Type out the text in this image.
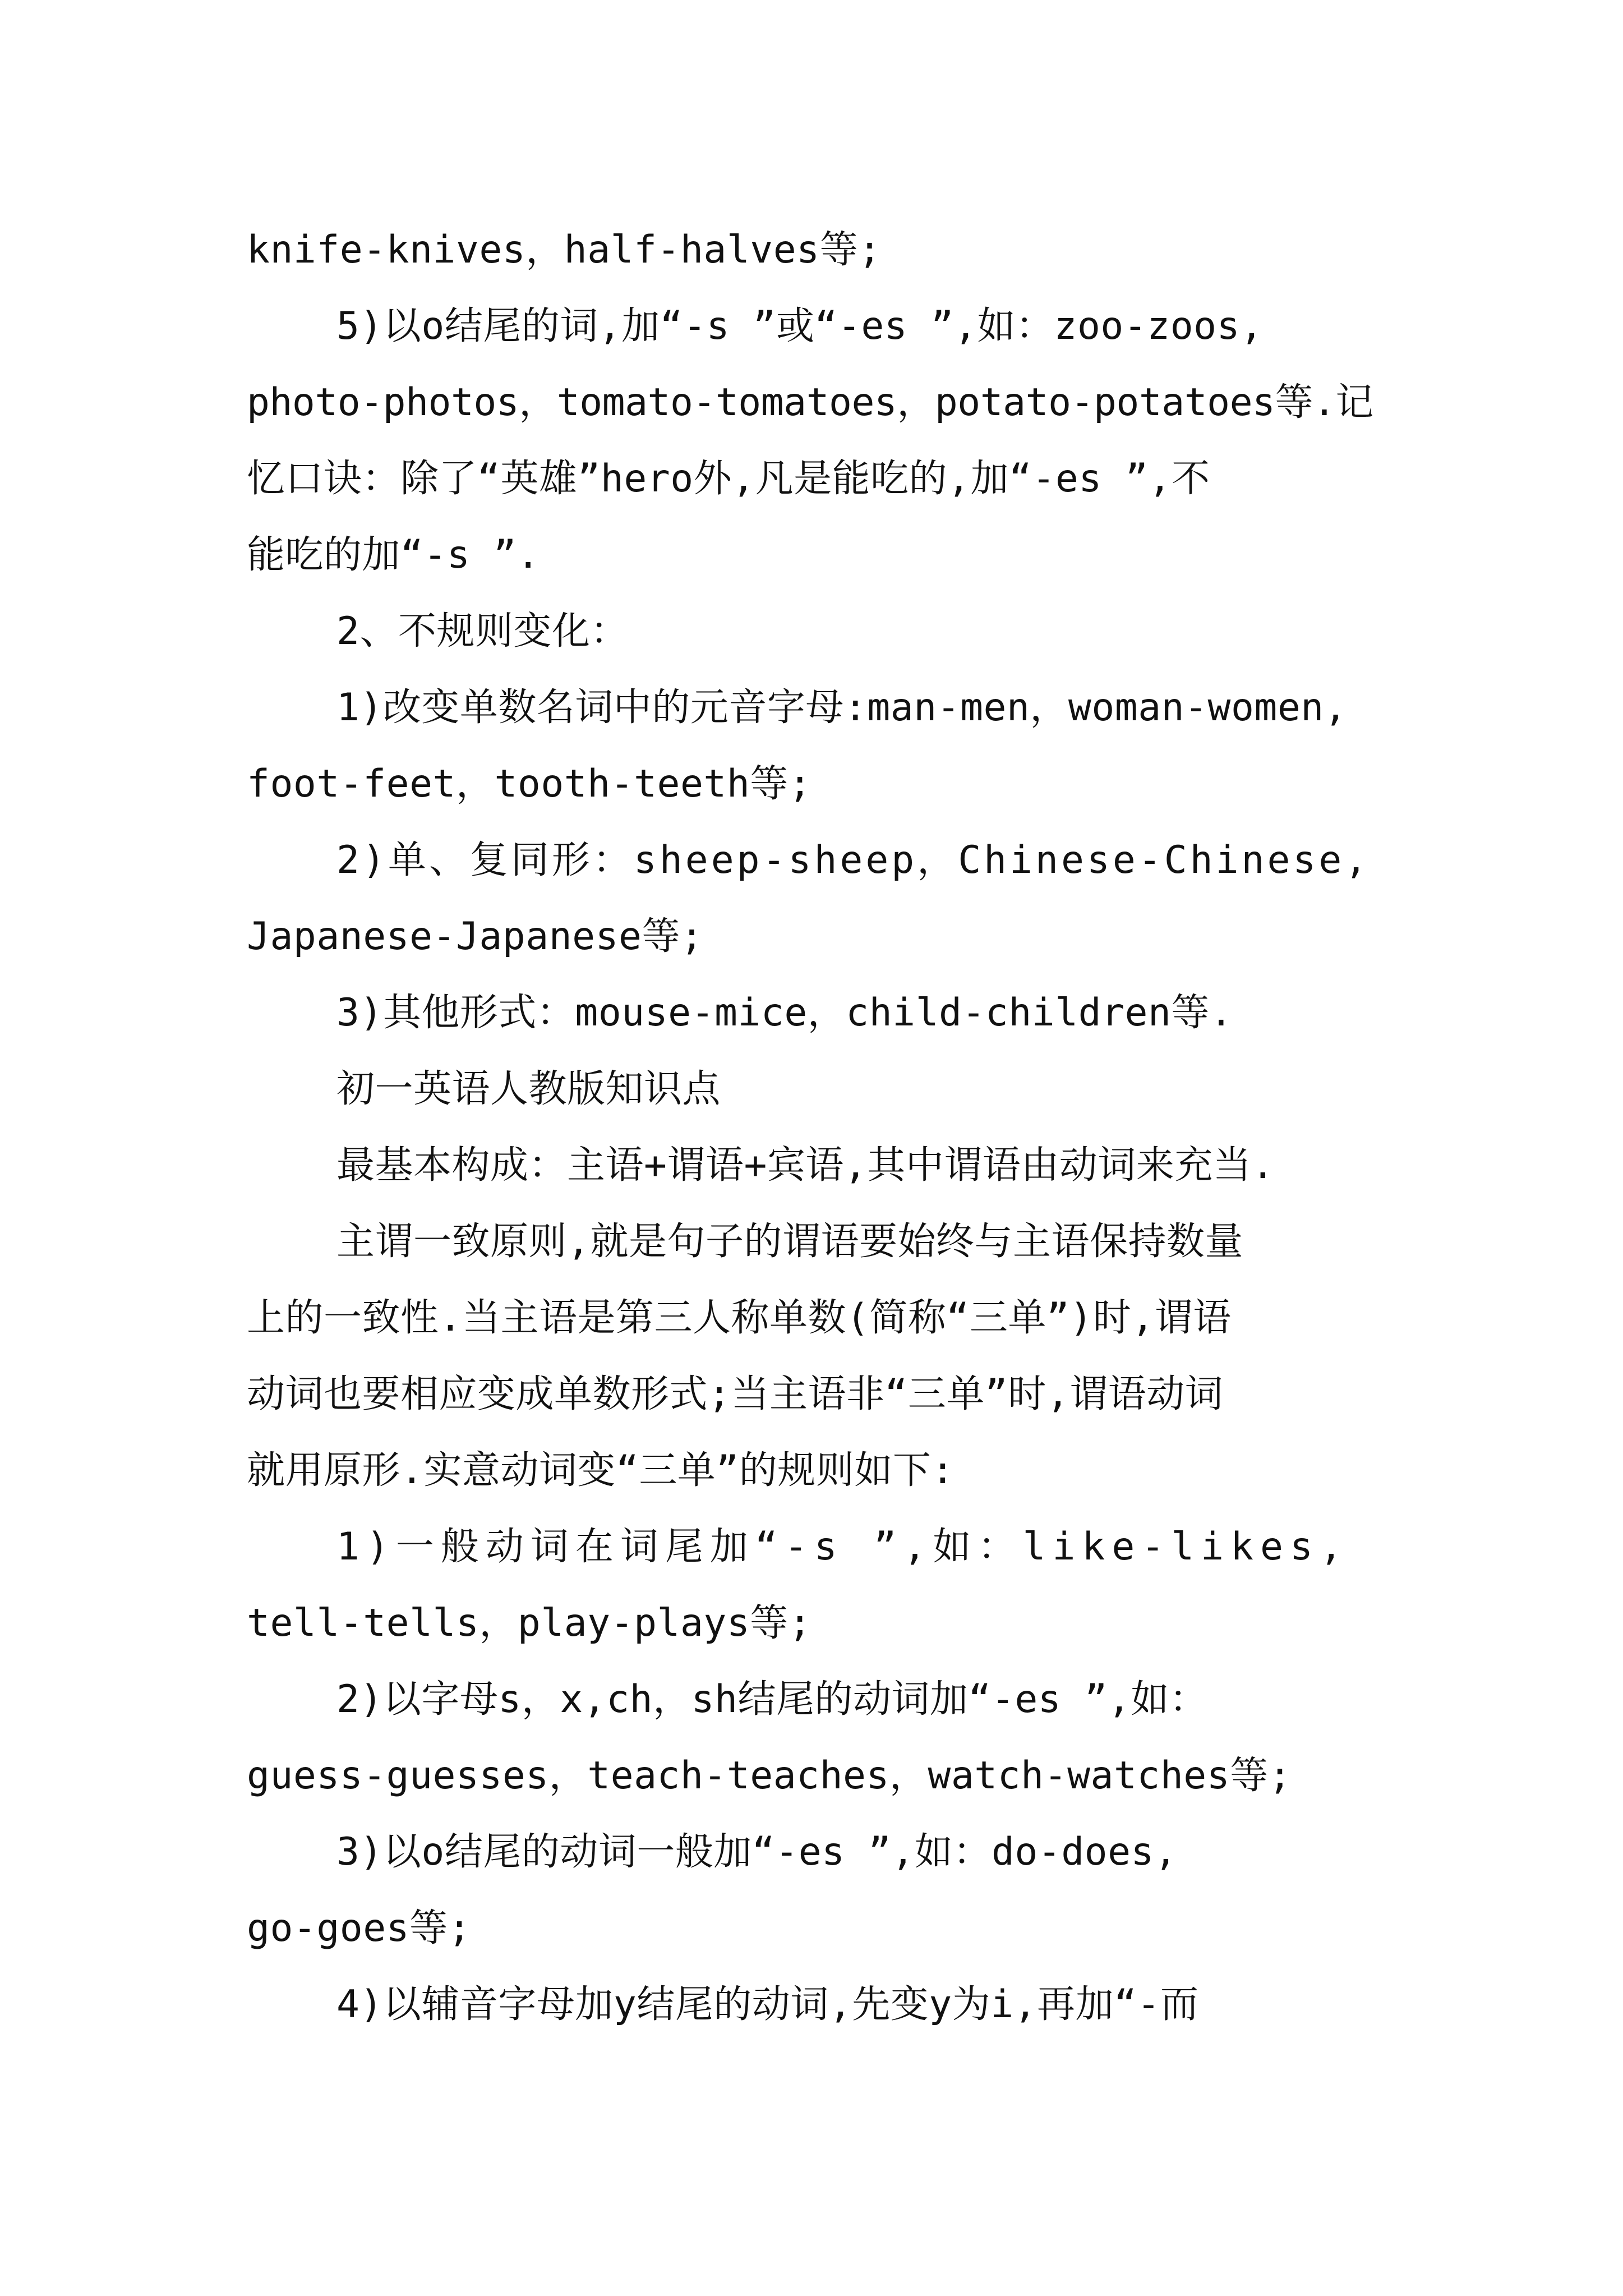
knife-knives，half-halves等;
5)以o结尾的词,加“-s ”或“-es ”,如：zoo-zoos,
photo-photos，tomato-tomatoes，potato-potatoes等.记
忆口诀：除了“英雄”hero外,凡是能吃的,加“-es ”,不
能吃的加“-s ”.
2、不规则变化：
1)改变单数名词中的元音字母:man-men，woman-women,
foot-feet，tooth-teeth等;
2)单、复同形：sheep-sheep，Chinese-Chinese,
Japanese-Japanese等;
3)其他形式：mouse-mice，child-children等.
初一英语人教版知识点
最基本构成：主语+谓语+宾语,其中谓语由动词来充当.
主谓一致原则,就是句子的谓语要始终与主语保持数量
上的一致性.当主语是第三人称单数(简称“三单”)时,谓语
动词也要相应变成单数形式;当主语非“三单”时,谓语动词
就用原形.实意动词变“三单”的规则如下:
1)一般动词在词尾加“-s ”,如：like-likes,
tell-tells，play-plays等;
2)以字母s，x,ch，sh结尾的动词加“-es ”,如：
guess-guesses，teach-teaches，watch-watches等;
3)以o结尾的动词一般加“-es ”,如：do-does,
go-goes等;
4)以辅音字母加y结尾的动词,先变y为i,再加“-而
